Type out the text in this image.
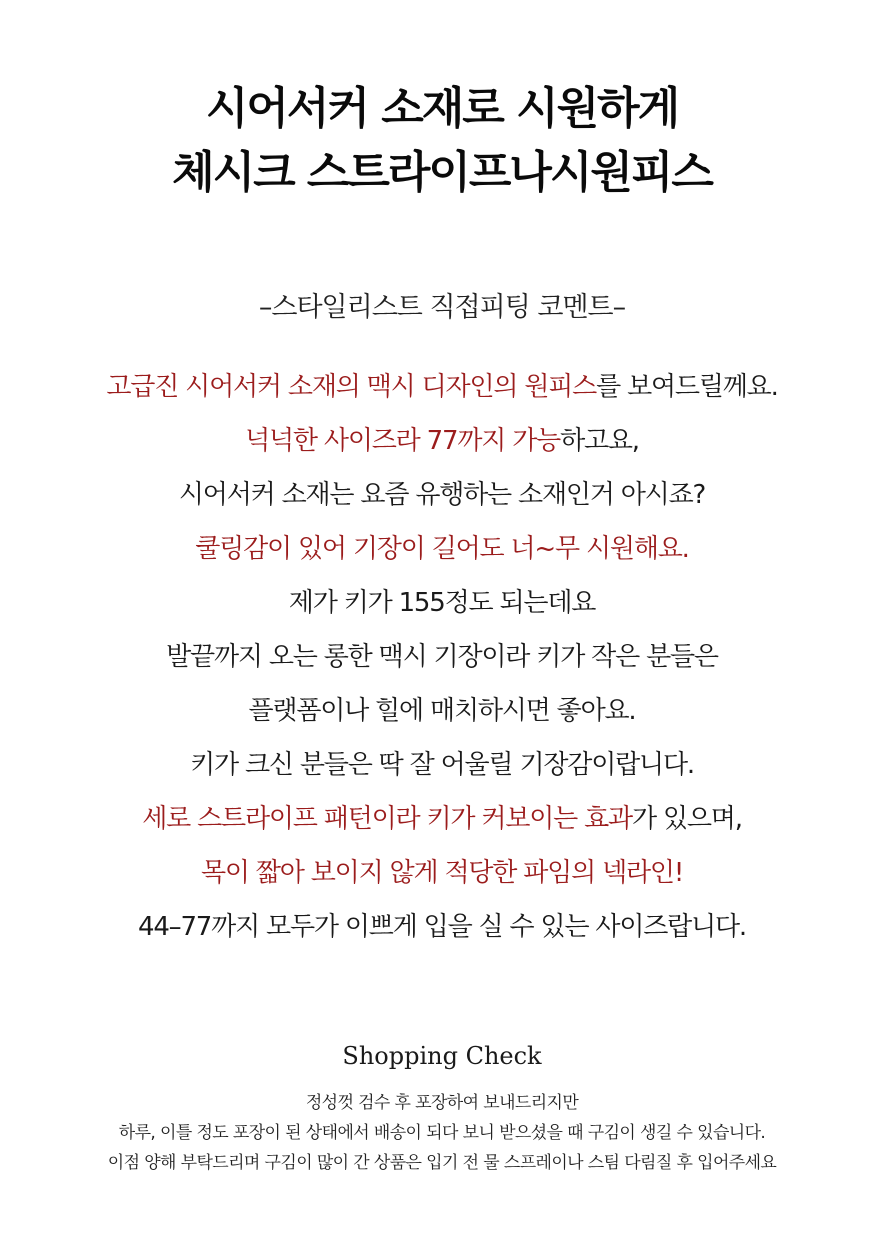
시어서커 소재로 시원하게
체시크 스트라이프나시원피스
–스타일리스트 직접피팅 코멘트–
고급진 시어서커 소재의 맥시 디자인의 원피스를 보여드릴께요.
넉넉한 사이즈라 77까지 가능하고요,
시어서커 소재는 요즘 유행하는 소재인거 아시죠?
쿨링감이 있어 기장이 길어도 너~무 시원해요.
제가 키가 155정도 되는데요
발끝까지 오는 롱한 맥시 기장이라 키가 작은 분들은
플랫폼이나 힐에 매치하시면 좋아요.
키가 크신 분들은 딱 잘 어울릴 기장감이랍니다.
세로 스트라이프 패턴이라 키가 커보이는 효과가 있으며,
목이 짧아 보이지 않게 적당한 파임의 넥라인!
44–77까지 모두가 이쁘게 입을 실 수 있는 사이즈랍니다.
Shopping Check
정성껏 검수 후 포장하여 보내드리지만
하루, 이틀 정도 포장이 된 상태에서 배송이 되다 보니 받으셨을 때 구김이 생길 수 있습니다.
이점 양해 부탁드리며 구김이 많이 간 상품은 입기 전 물 스프레이나 스팀 다림질 후 입어주세요
